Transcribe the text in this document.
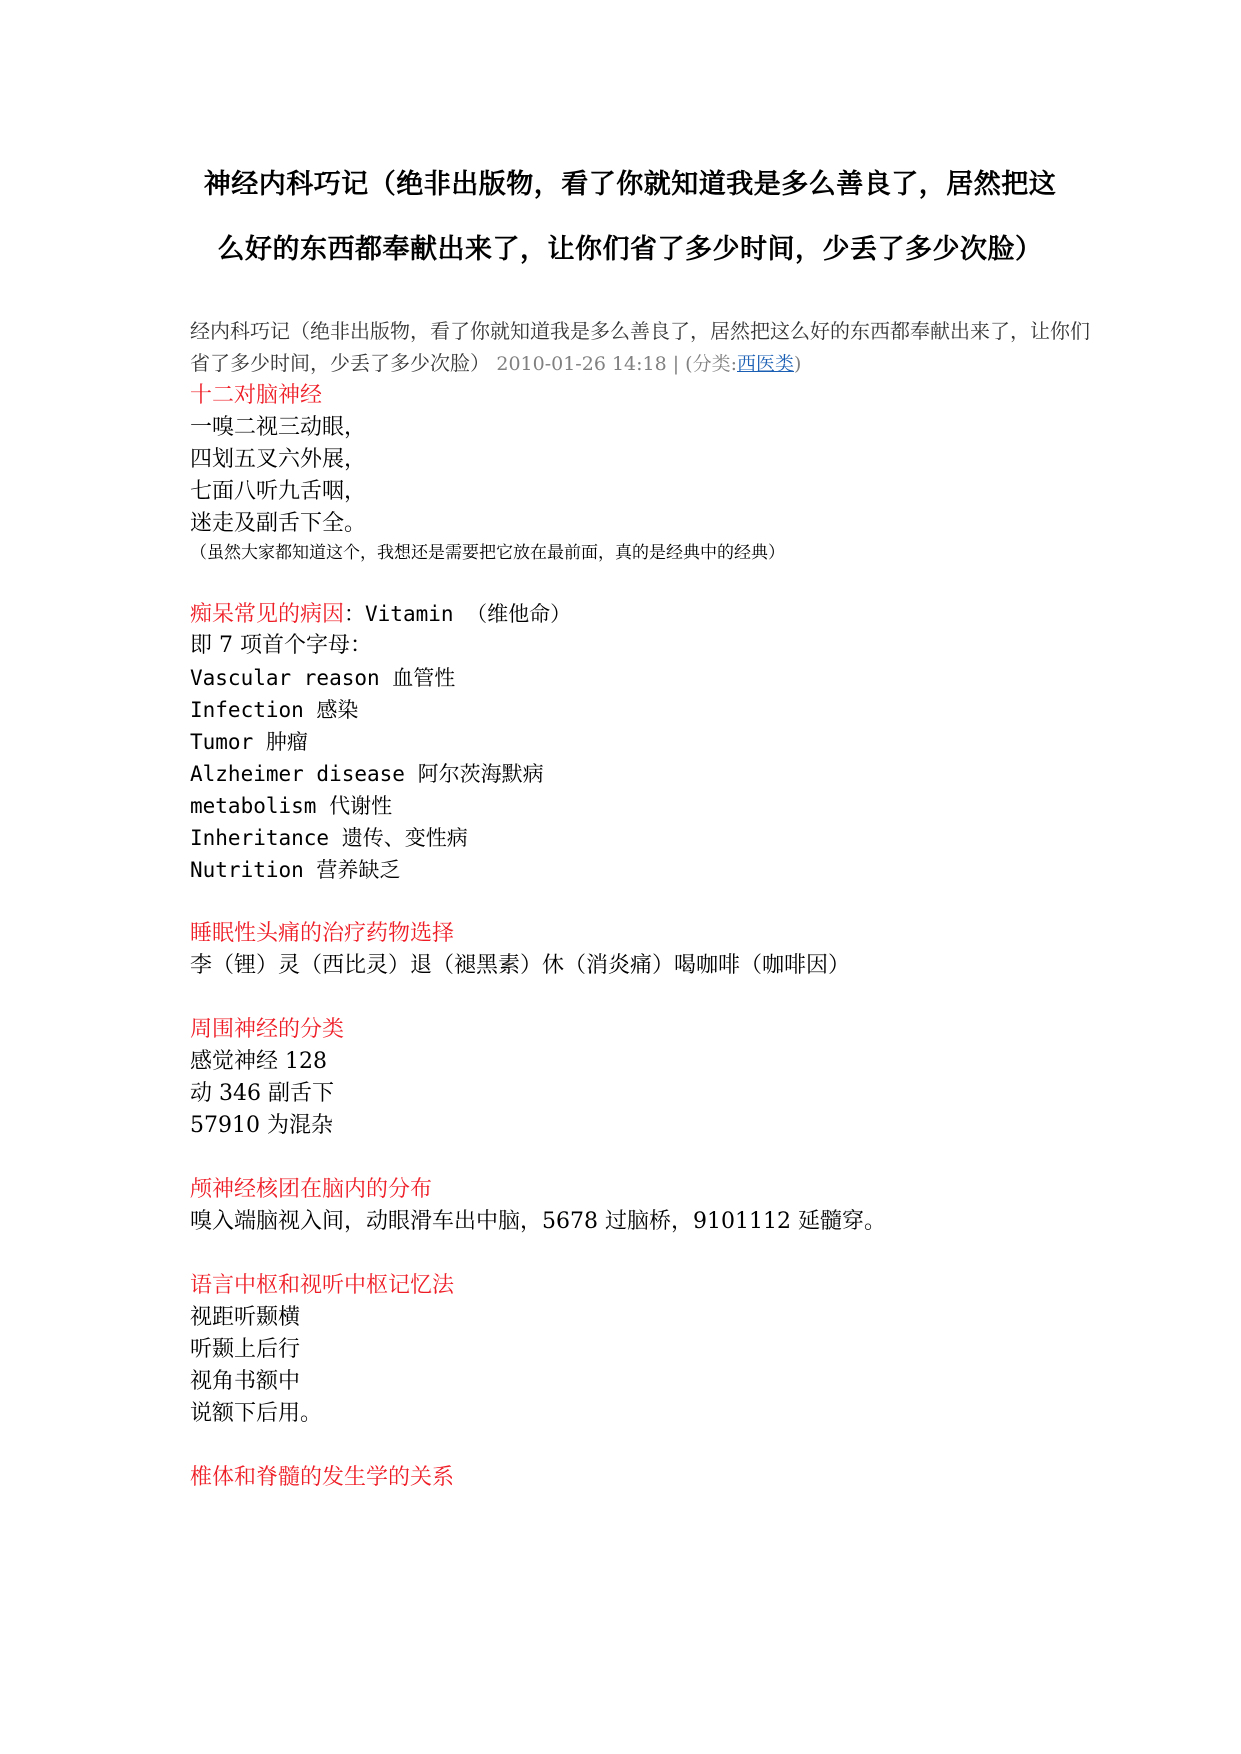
神经内科巧记（绝非出版物，看了你就知道我是多么善良了，居然把这
么好的东西都奉献出来了，让你们省了多少时间，少丢了多少次脸）
经内科巧记（绝非出版物，看了你就知道我是多么善良了，居然把这么好的东西都奉献出来了，让你们省了多少时间，少丢了多少次脸） 2010-01-26 14:18 | (分类:西医类)
十二对脑神经
一嗅二视三动眼，
四划五叉六外展，
七面八听九舌咽，
迷走及副舌下全。
（虽然大家都知道这个，我想还是需要把它放在最前面，真的是经典中的经典）
痴呆常见的病因：Vitamin （维他命）
即 7 项首个字母：
Vascular reason 血管性
Infection 感染
Tumor 肿瘤
Alzheimer disease 阿尔茨海默病
metabolism 代谢性
Inheritance 遗传、变性病
Nutrition 营养缺乏
睡眠性头痛的治疗药物选择
李（锂）灵（西比灵）退（褪黑素）休（消炎痛）喝咖啡（咖啡因）
周围神经的分类
感觉神经 128
动 346 副舌下
57910 为混杂
颅神经核团在脑内的分布
嗅入端脑视入间，动眼滑车出中脑，5678 过脑桥，9101112 延髓穿。
语言中枢和视听中枢记忆法
视距听颞横
听颞上后行
视角书额中
说额下后用。
椎体和脊髓的发生学的关系
